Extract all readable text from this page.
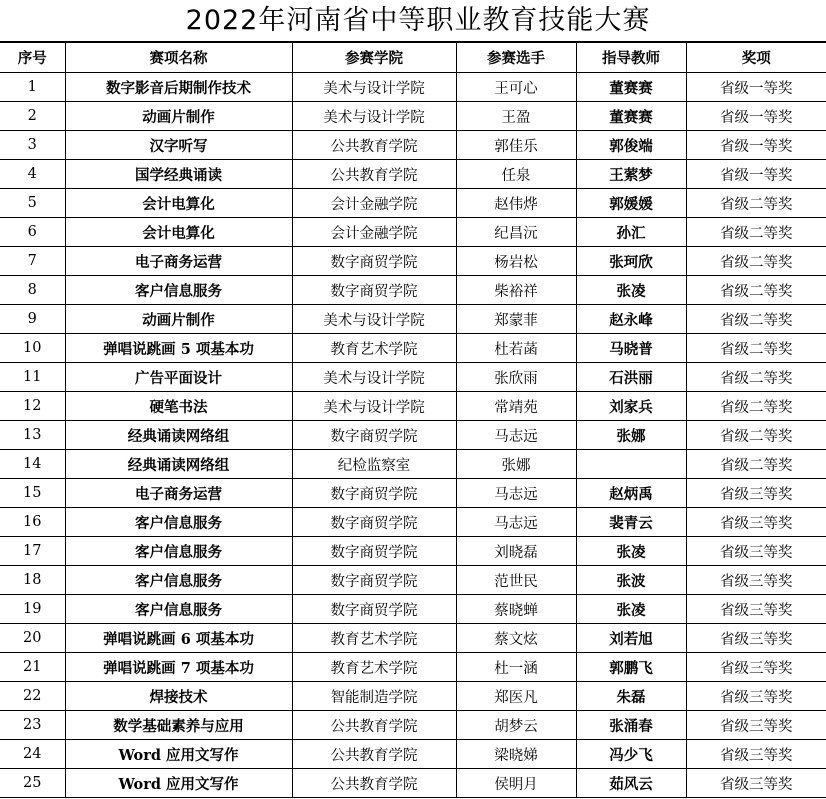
2022年河南省中等职业教育技能大赛
序号	赛项名称	参赛学院	参赛选手	指导教师	奖项
1	数字影音后期制作技术	美术与设计学院	王可心	董赛赛	省级一等奖
2	动画片制作	美术与设计学院	王盈	董赛赛	省级一等奖
3	汉字听写	公共教育学院	郭佳乐	郭俊端	省级一等奖
4	国学经典诵读	公共教育学院	任泉	王萦梦	省级一等奖
5	会计电算化	会计金融学院	赵伟烨	郭媛媛	省级二等奖
6	会计电算化	会计金融学院	纪昌沅	孙汇	省级二等奖
7	电子商务运营	数字商贸学院	杨岩松	张珂欣	省级二等奖
8	客户信息服务	数字商贸学院	柴裕祥	张凌	省级二等奖
9	动画片制作	美术与设计学院	郑蒙菲	赵永峰	省级二等奖
10	弹唱说跳画 5 项基本功	教育艺术学院	杜若菡	马晓普	省级二等奖
11	广告平面设计	美术与设计学院	张欣雨	石洪丽	省级二等奖
12	硬笔书法	美术与设计学院	常靖苑	刘家兵	省级二等奖
13	经典诵读网络组	数字商贸学院	马志远	张娜	省级二等奖
14	经典诵读网络组	纪检监察室	张娜		省级二等奖
15	电子商务运营	数字商贸学院	马志远	赵炳禹	省级三等奖
16	客户信息服务	数字商贸学院	马志远	裴青云	省级三等奖
17	客户信息服务	数字商贸学院	刘晓磊	张凌	省级三等奖
18	客户信息服务	数字商贸学院	范世民	张波	省级三等奖
19	客户信息服务	数字商贸学院	蔡晓蝉	张凌	省级三等奖
20	弹唱说跳画 6 项基本功	教育艺术学院	蔡文炫	刘若旭	省级三等奖
21	弹唱说跳画 7 项基本功	教育艺术学院	杜一涵	郭鹏飞	省级三等奖
22	焊接技术	智能制造学院	郑医凡	朱磊	省级三等奖
23	数学基础素养与应用	公共教育学院	胡梦云	张涌春	省级三等奖
24	Word 应用文写作	公共教育学院	梁晓娣	冯少飞	省级三等奖
25	Word 应用文写作	公共教育学院	侯明月	茹风云	省级三等奖
